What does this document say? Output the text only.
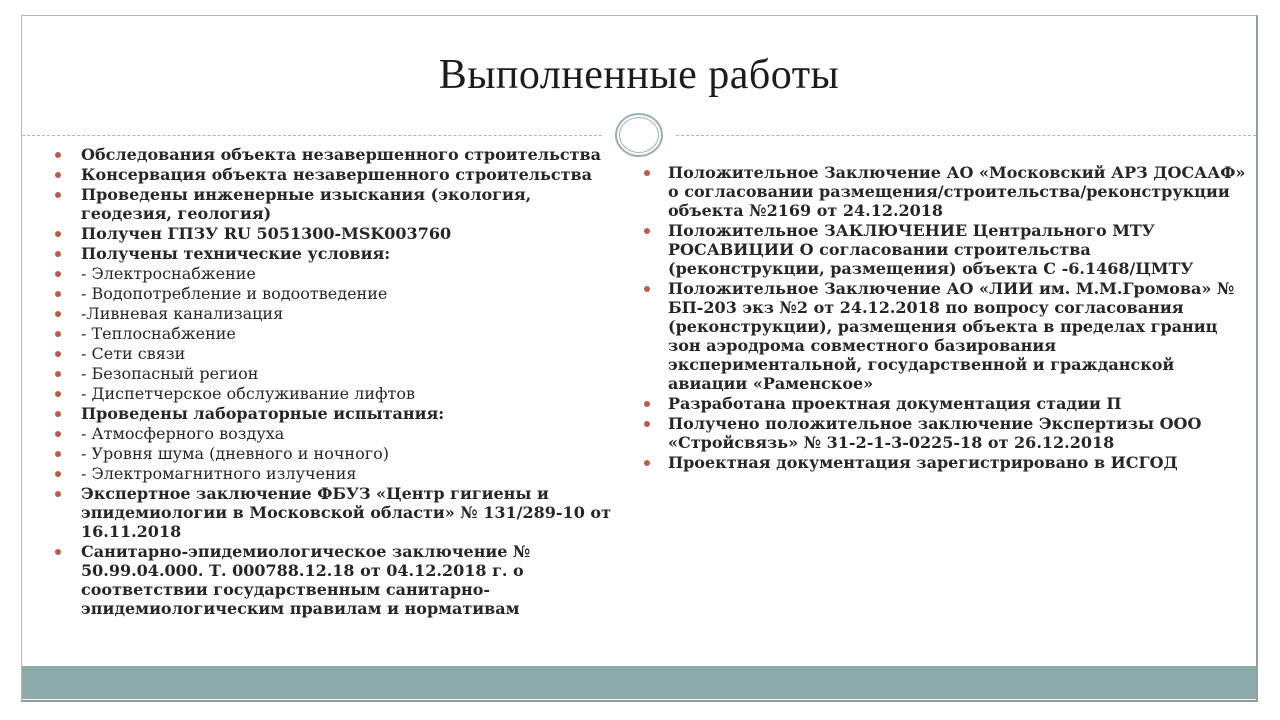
Выполненные работы
Обследования объекта незавершенного строительства
Консервация объекта незавершенного строительства
Проведены инженерные изыскания (экология, геодезия, геология)
Получен ГПЗУ RU 5051300-MSK003760
Получены технические условия:
- Электроснабжение
- Водопотребление и водоотведение
-Ливневая канализация
- Теплоснабжение
- Сети связи
- Безопасный регион
- Диспетчерское обслуживание лифтов
Проведены лабораторные испытания:
- Атмосферного воздуха
- Уровня шума (дневного и ночного)
- Электромагнитного излучения
Экспертное заключение ФБУЗ «Центр гигиены и эпидемиологии в Московской области» № 131/289-10 от 16.11.2018
Санитарно-эпидемиологическое заключение № 50.99.04.000. Т. 000788.12.18 от 04.12.2018 г. о соответствии государственным санитарно-эпидемиологическим правилам и нормативам
Положительное Заключение АО «Московский АРЗ ДОСААФ» о согласовании размещения/строительства/реконструкции объекта №2169 от 24.12.2018
Положительное ЗАКЛЮЧЕНИЕ Центрального МТУ РОСАВИЦИИ О согласовании строительства (реконструкции, размещения) объекта С -6.1468/ЦМТУ
Положительное Заключение АО «ЛИИ им. М.М.Громова» № БП-203 экз №2 от 24.12.2018 по вопросу согласования (реконструкции), размещения объекта в пределах границ зон аэродрома совместного базирования экспериментальной, государственной и гражданской авиации «Раменское»
Разработана проектная документация стадии П
Получено положительное заключение Экспертизы ООО «Стройсвязь» № 31-2-1-3-0225-18 от 26.12.2018
Проектная документация зарегистрировано в ИСГОД
